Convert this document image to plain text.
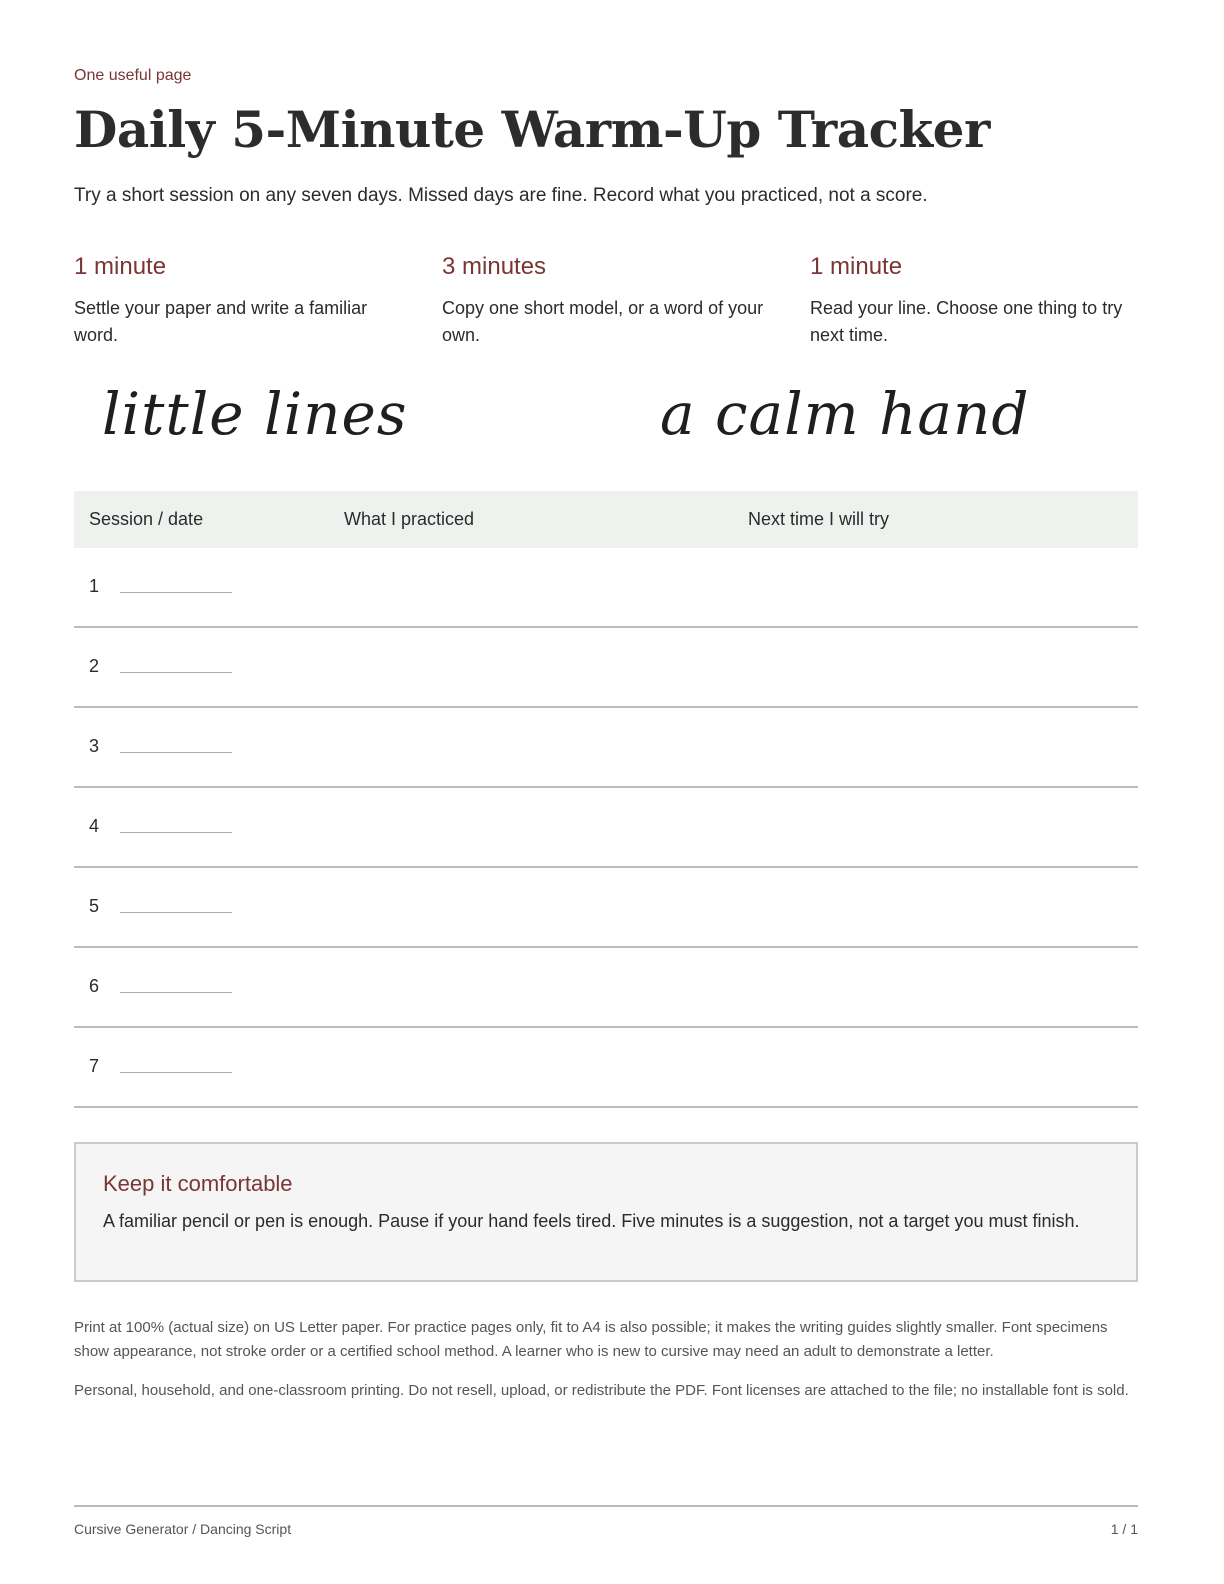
One useful page
Daily 5-Minute Warm-Up Tracker

Try a short session on any seven days. Missed days are fine. Record what you practiced, not a score.

1 minute
Settle your paper and write a familiar word.
3 minutes
Copy one short model, or a word of your own.
1 minute
Read your line. Choose one thing to try next time.
little lines	a calm hand
Session / date	What I practiced	Next time I will try
1
2
3
4
5
6
7
Keep it comfortable
A familiar pencil or pen is enough. Pause if your hand feels tired. Five minutes is a suggestion, not a target you must finish.

Print at 100% (actual size) on US Letter paper. For practice pages only, fit to A4 is also possible; it makes the writing guides slightly smaller. Font specimens show appearance, not stroke order or a certified school method. A learner who is new to cursive may need an adult to demonstrate a letter.

Personal, household, and one-classroom printing. Do not resell, upload, or redistribute the PDF. Font licenses are attached to the file; no installable font is sold.

Cursive Generator / Dancing Script	1 / 1
